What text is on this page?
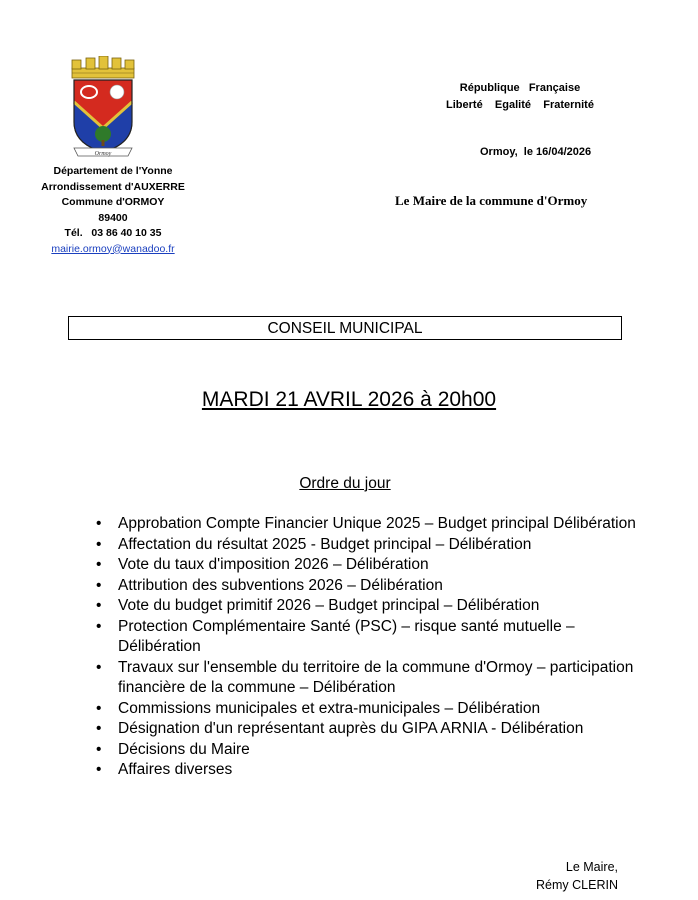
Ormoy
Département de l'Yonne
Arrondissement d'AUXERRE
Commune d'ORMOY
89400
Tél.   03 86 40 10 35
mairie.ormoy@wanadoo.fr
République   Française
Liberté    Egalité    Fraternité
Ormoy,  le 16/04/2026
Le Maire de la commune d'Ormoy
CONSEIL MUNICIPAL
MARDI 21 AVRIL 2026 à 20h00
Ordre du jour
• Approbation Compte Financier Unique 2025 – Budget principal Délibération
• Affectation du résultat 2025 - Budget principal – Délibération
• Vote du taux d'imposition 2026 – Délibération
• Attribution des subventions 2026 – Délibération
• Vote du budget primitif 2026 – Budget principal – Délibération
• Protection Complémentaire Santé (PSC) – risque santé mutuelle – Délibération
• Travaux sur l'ensemble du territoire de la commune d'Ormoy – participation financière de la commune – Délibération
• Commissions municipales et extra-municipales – Délibération
• Désignation d'un représentant auprès du GIPA ARNIA - Délibération
• Décisions du Maire
• Affaires diverses
Le Maire,
Rémy CLERIN
